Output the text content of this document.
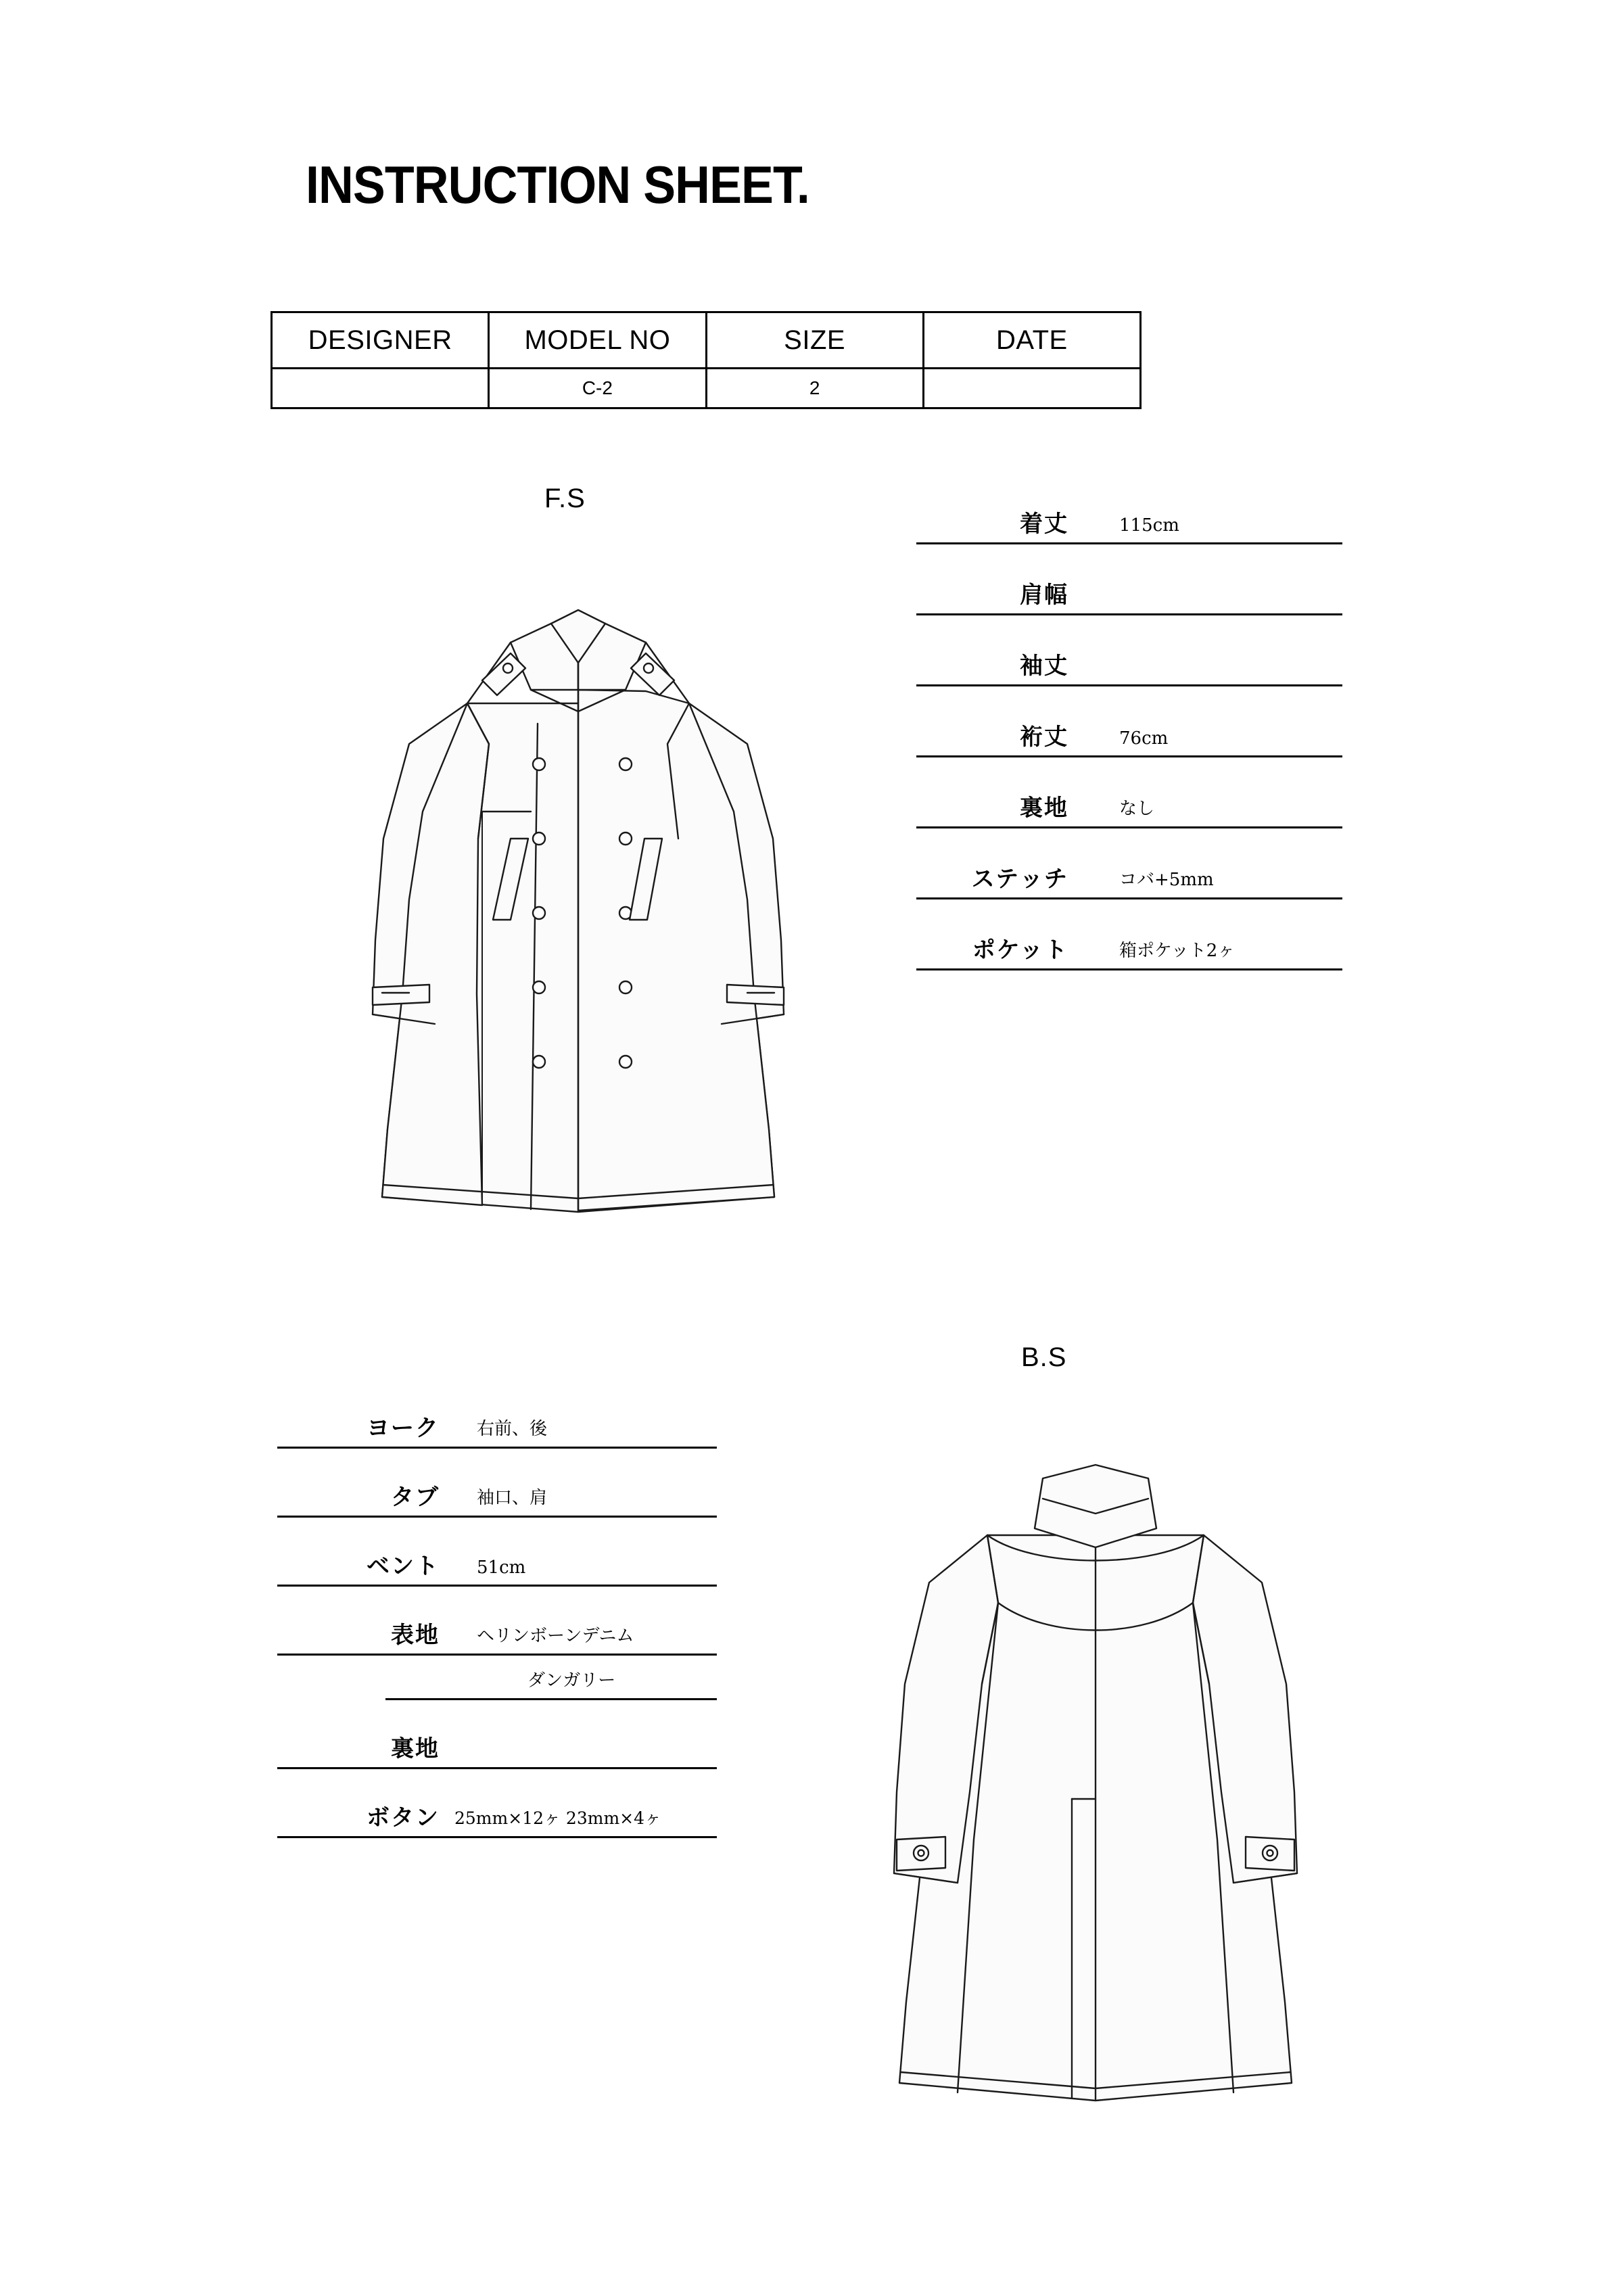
INSTRUCTION SHEET.
DESIGNER	MODEL NO	SIZE	DATE
	C-2	2	
F.S
B.S
着丈	115cm
肩幅
袖丈
裄丈	76cm
裏地	なし
ステッチ	コバ+5mm
ポケット	箱ポケット2ヶ
ヨーク	右前、後
タブ	袖口、肩
ベント	51cm
表地	ヘリンボーンデニム
ダンガリー
裏地
ボタン 25mm×12ヶ 23mm×4ヶ
